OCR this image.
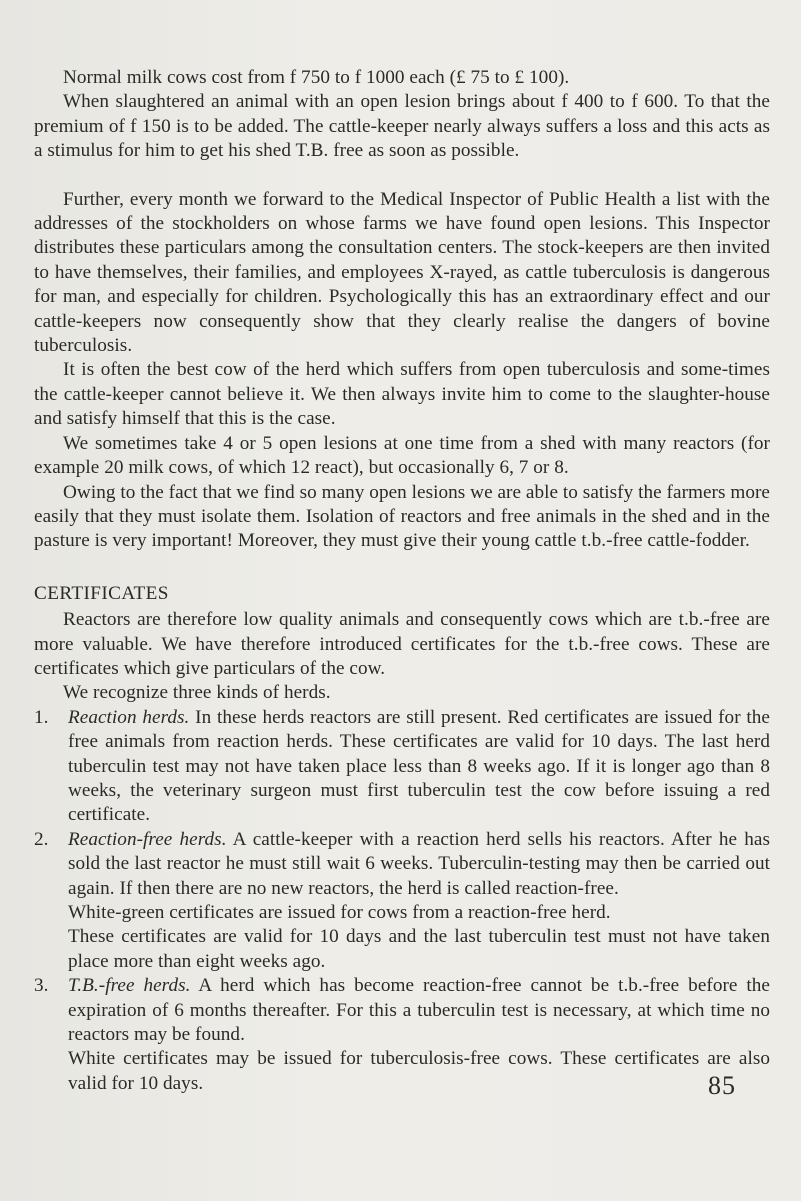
Normal milk cows cost from f 750 to f 1000 each (£ 75 to £ 100).

When slaughtered an animal with an open lesion brings about f 400 to f 600. To that the premium of f 150 is to be added. The cattle-keeper nearly always suffers a loss and this acts as a stimulus for him to get his shed T.B. free as soon as possible.

Further, every month we forward to the Medical Inspector of Public Health a list with the addresses of the stockholders on whose farms we have found open lesions. This Inspector distributes these particulars among the consultation centers. The stock-keepers are then invited to have themselves, their families, and employees X-rayed, as cattle tuberculosis is dangerous for man, and especially for children. Psychologically this has an extraordinary effect and our cattle-keepers now consequently show that they clearly realise the dangers of bovine tuberculosis.

It is often the best cow of the herd which suffers from open tuberculosis and some-times the cattle-keeper cannot believe it. We then always invite him to come to the slaughter-house and satisfy himself that this is the case.

We sometimes take 4 or 5 open lesions at one time from a shed with many reactors (for example 20 milk cows, of which 12 react), but occasionally 6, 7 or 8.

Owing to the fact that we find so many open lesions we are able to satisfy the farmers more easily that they must isolate them. Isolation of reactors and free animals in the shed and in the pasture is very important! Moreover, they must give their young cattle t.b.-free cattle-fodder.

CERTIFICATES

Reactors are therefore low quality animals and consequently cows which are t.b.-free are more valuable. We have therefore introduced certificates for the t.b.-free cows. These are certificates which give particulars of the cow.

We recognize three kinds of herds.

1. Reaction herds. In these herds reactors are still present. Red certificates are issued for the free animals from reaction herds. These certificates are valid for 10 days. The last herd tuberculin test may not have taken place less than 8 weeks ago. If it is longer ago than 8 weeks, the veterinary surgeon must first tuberculin test the cow before issuing a red certificate.

2. Reaction-free herds. A cattle-keeper with a reaction herd sells his reactors. After he has sold the last reactor he must still wait 6 weeks. Tuberculin-testing may then be carried out again. If then there are no new reactors, the herd is called reaction-free.

White-green certificates are issued for cows from a reaction-free herd.

These certificates are valid for 10 days and the last tuberculin test must not have taken place more than eight weeks ago.

3. T.B.-free herds. A herd which has become reaction-free cannot be t.b.-free before the expiration of 6 months thereafter. For this a tuberculin test is necessary, at which time no reactors may be found.

White certificates may be issued for tuberculosis-free cows. These certificates are also valid for 10 days.	85
